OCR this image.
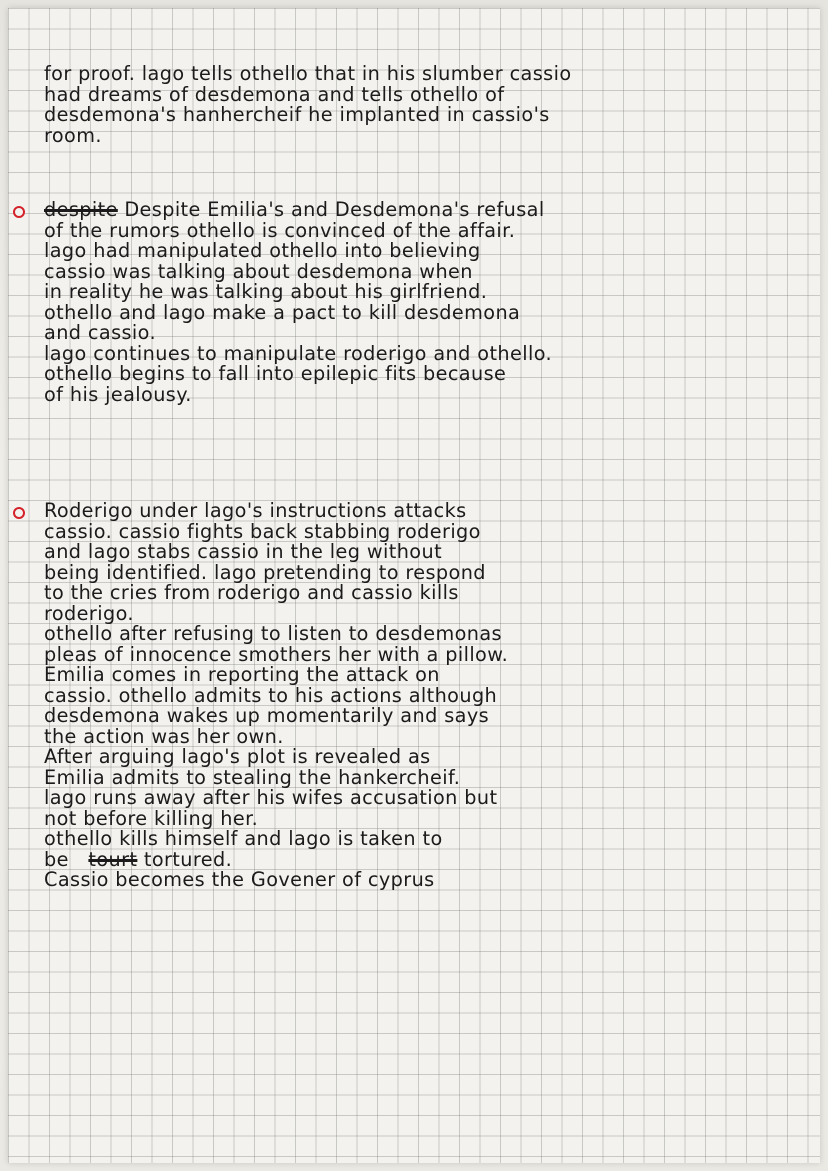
for proof. lago tells othello that in his slumber cassio
had dreams of desdemona and tells othello of
desdemona's hanhercheif he implanted in cassio's
room.
despite Despite Emilia's and Desdemona's refusal
of the rumors othello is convinced of the affair.
lago had manipulated othello into believing
cassio was talking about desdemona when
in reality he was talking about his girlfriend.
othello and lago make a pact to kill desdemona
and cassio.
lago continues to manipulate roderigo and othello.
othello begins to fall into epilepic fits because
of his jealousy.
Roderigo under lago's instructions attacks
cassio. cassio fights back stabbing roderigo
and lago stabs cassio in the leg without
being identified. lago pretending to respond
to the cries from roderigo and cassio kills
roderigo.
othello after refusing to listen to desdemonas
pleas of innocence smothers her with a pillow.
Emilia comes in reporting the attack on
cassio. othello admits to his actions although
desdemona wakes up momentarily and says
the action was her own.
After arguing lago's plot is revealed as
Emilia admits to stealing the hankercheif.
lago runs away after his wifes accusation but
not before killing her.
othello kills himself and lago is taken to
be tourt tortured.
Cassio becomes the Govener of cyprus
